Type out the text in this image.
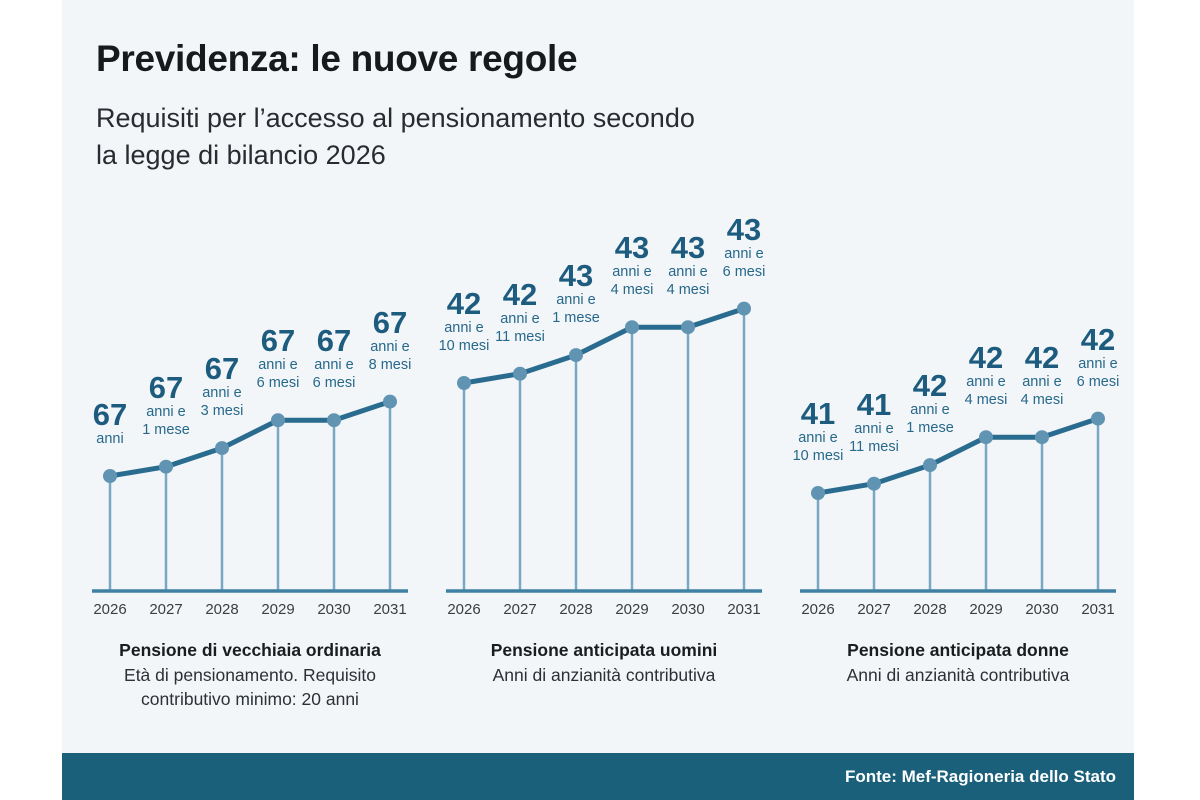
Previdenza: le nuove regole
Requisiti per l’accesso al pensionamento secondo
la legge di bilancio 2026
Pensione di vecchiaia ordinaria
Età di pensionamento. Requisito contributivo minimo: 20 anni
67
anni
2026
67
anni e
1 mese
2027
67
anni e
3 mesi
2028
67
anni e
6 mesi
2029
67
anni e
6 mesi
2030
67
anni e
8 mesi
2031
Pensione anticipata uomini
Anni di anzianità contributiva
42
anni e
10 mesi
2026
42
anni e
11 mesi
2027
43
anni e
1 mese
2028
43
anni e
4 mesi
2029
43
anni e
4 mesi
2030
43
anni e
6 mesi
2031
Pensione anticipata donne
Anni di anzianità contributiva
41
anni e
10 mesi
2026
41
anni e
11 mesi
2027
42
anni e
1 mese
2028
42
anni e
4 mesi
2029
42
anni e
4 mesi
2030
42
anni e
6 mesi
2031
Fonte: Mef-Ragioneria dello Stato
